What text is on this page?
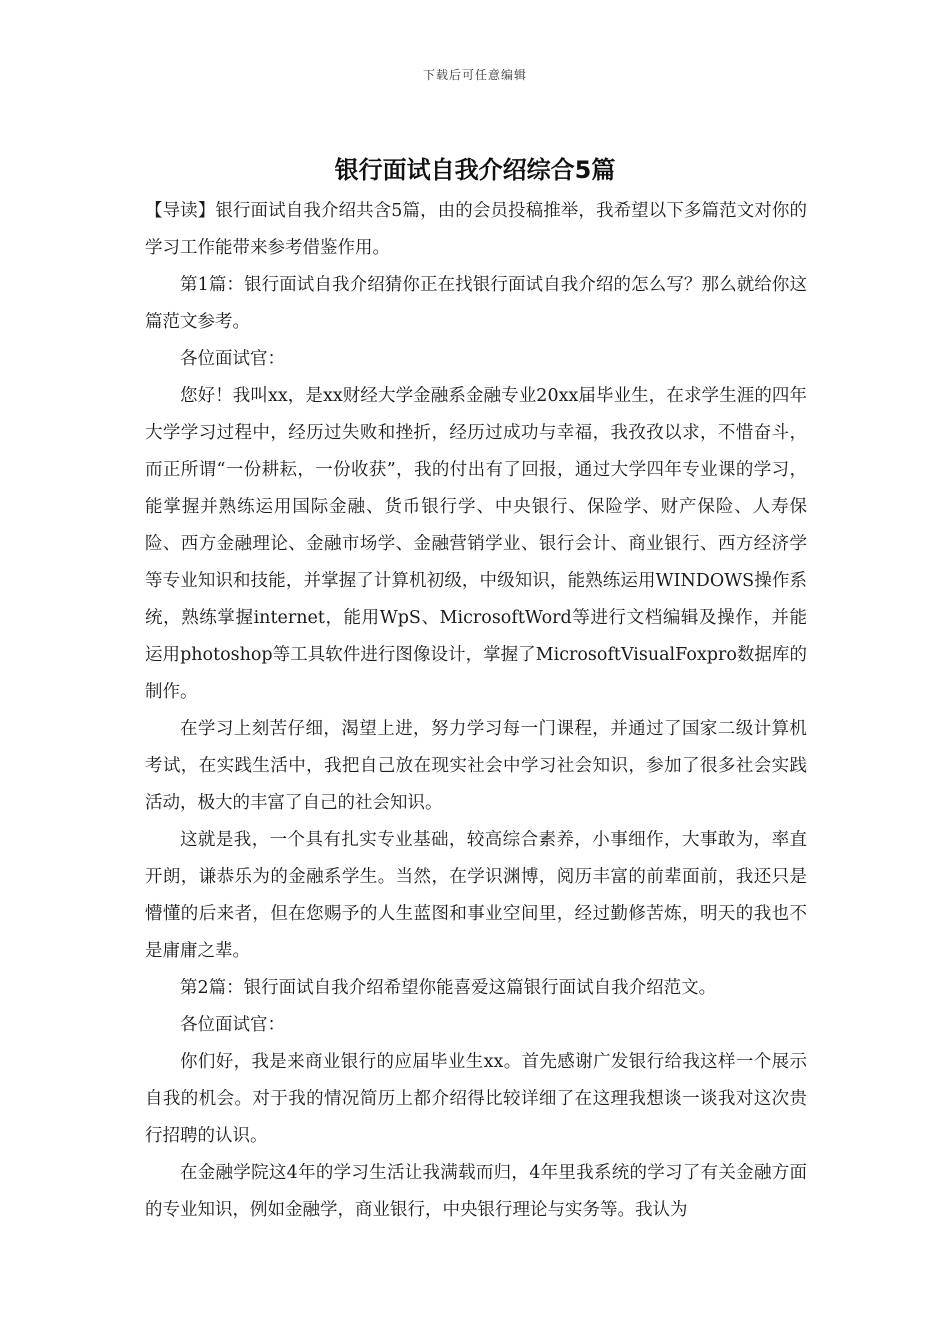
下载后可任意编辑
银行面试自我介绍综合5篇

【导读】银行面试自我介绍共含5篇，由的会员投稿推举，我希望以下多篇范文对你的学习工作能带来参考借鉴作用。

第1篇：银行面试自我介绍猜你正在找银行面试自我介绍的怎么写？那么就给你这篇范文参考。

各位面试官：

您好！我叫xx，是xx财经大学金融系金融专业20xx届毕业生，在求学生涯的四年大学学习过程中，经历过失败和挫折，经历过成功与幸福，我孜孜以求，不惜奋斗，而正所谓“一份耕耘，一份收获”，我的付出有了回报，通过大学四年专业课的学习，能掌握并熟练运用国际金融、货币银行学、中央银行、保险学、财产保险、人寿保险、西方金融理论、金融市场学、金融营销学业、银行会计、商业银行、西方经济学等专业知识和技能，并掌握了计算机初级，中级知识，能熟练运用WINDOWS操作系统，熟练掌握internet，能用WpS、MicrosoftWord等进行文档编辑及操作，并能运用photoshop等工具软件进行图像设计，掌握了MicrosoftVisualFoxpro数据库的制作。

在学习上刻苦仔细，渴望上进，努力学习每一门课程，并通过了国家二级计算机考试，在实践生活中，我把自己放在现实社会中学习社会知识，参加了很多社会实践活动，极大的丰富了自己的社会知识。

这就是我，一个具有扎实专业基础，较高综合素养，小事细作，大事敢为，率直开朗，谦恭乐为的金融系学生。当然，在学识渊博，阅历丰富的前辈面前，我还只是懵懂的后来者，但在您赐予的人生蓝图和事业空间里，经过勤修苦炼，明天的我也不是庸庸之辈。

第2篇：银行面试自我介绍希望你能喜爱这篇银行面试自我介绍范文。

各位面试官：

你们好，我是来商业银行的应届毕业生xx。首先感谢广发银行给我这样一个展示自我的机会。对于我的情况简历上都介绍得比较详细了在这理我想谈一谈我对这次贵行招聘的认识。

在金融学院这4年的学习生活让我满载而归，4年里我系统的学习了有关金融方面的专业知识，例如金融学，商业银行，中央银行理论与实务等。我认为
